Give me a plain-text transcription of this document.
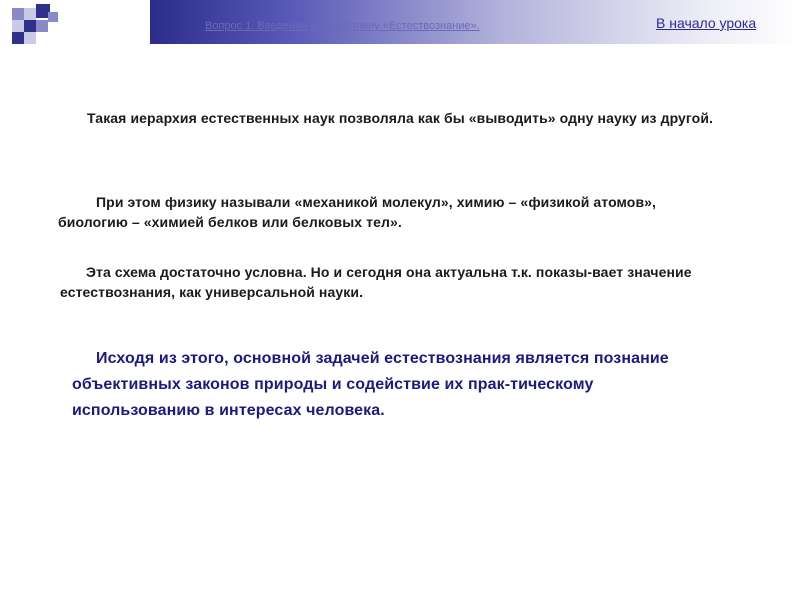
Вопрос 1. Введение в дисциплину «Естествознание».	В начало урока
Такая иерархия естественных наук позволяла как бы «выводить» одну науку из другой.
При этом физику называли «механикой молекул», химию – «физикой атомов», биологию – «химией белков или белковых тел».
Эта схема достаточно условна. Но и сегодня она актуальна т.к. показы-вает значение естествознания, как универсальной науки.
Исходя из этого, основной задачей естествознания является познание объективных законов природы и содействие их прак-тическому использованию в интересах человека.
